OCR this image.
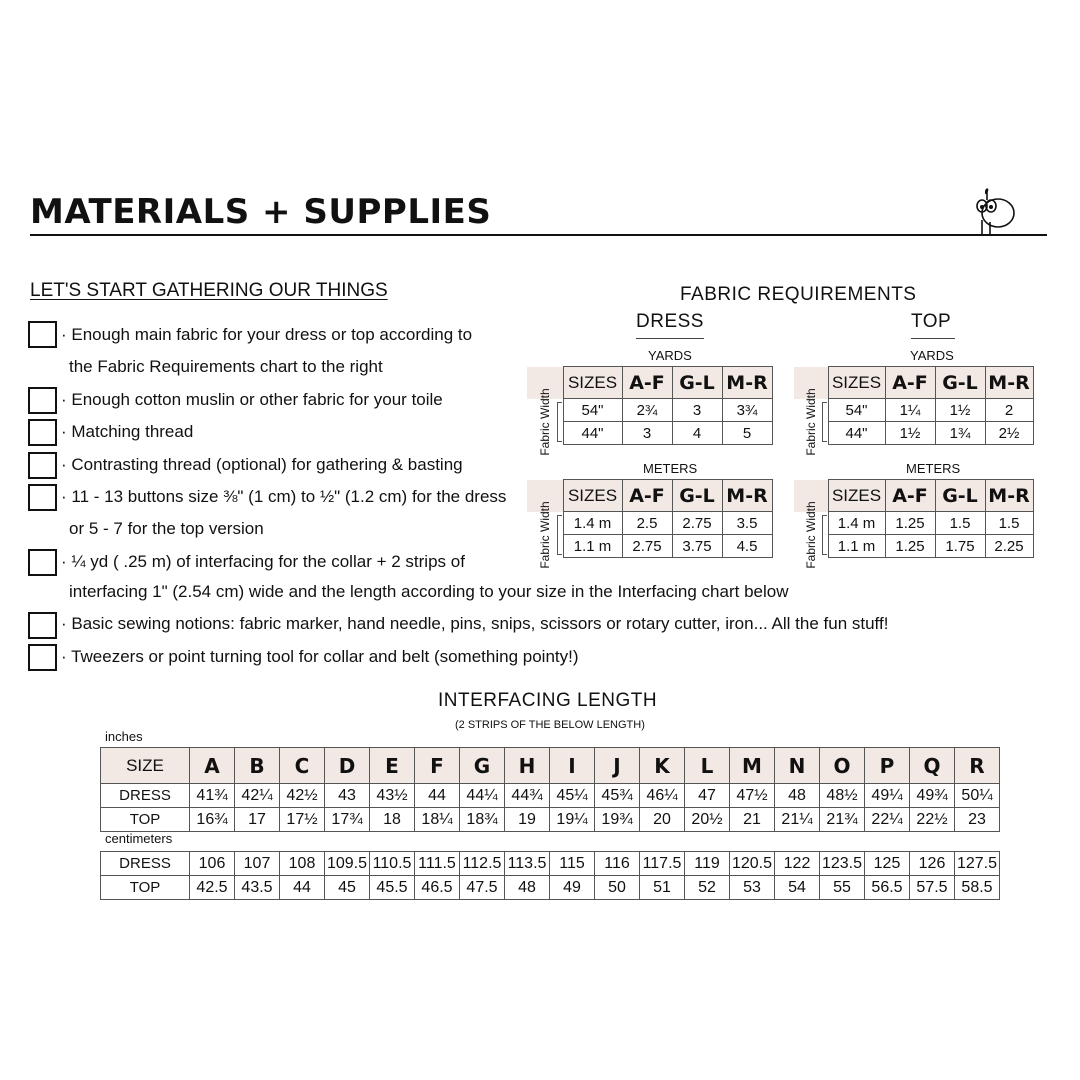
MATERIALS + SUPPLIES
LET'S START GATHERING OUR THINGS
· Enough main fabric for your dress or top according to
the Fabric Requirements chart to the right
· Enough cotton muslin or other fabric for your toile
· Matching thread
· Contrasting thread (optional) for gathering & basting
· 11 - 13 buttons size ⅜" (1 cm) to ½" (1.2 cm) for the dress
or 5 - 7 for the top version
· ¼ yd ( .25 m) of interfacing for the collar + 2 strips of
interfacing 1" (2.54 cm) wide and the length according to your size in the Interfacing chart below
· Basic sewing notions: fabric marker, hand needle, pins, snips, scissors or rotary cutter, iron... All the fun stuff!
· Tweezers or point turning tool for collar and belt (something pointy!)
FABRIC REQUIREMENTS
DRESS	TOP
YARDS	YARDS
METERS	METERS
	SIZES	A-F	G-L	M-R

Fabric Width	54"	2¾	3	3¾
	44"	3	4	5
	SIZES	A-F	G-L	M-R

Fabric Width	54"	1¼	1½	2
	44"	1½	1¾	2½
	SIZES	A-F	G-L	M-R

Fabric Width	1.4 m	2.5	2.75	3.5
	1.1 m	2.75	3.75	4.5
	SIZES	A-F	G-L	M-R

Fabric Width	1.4 m	1.25	1.5	1.5
	1.1 m	1.25	1.75	2.25
INTERFACING LENGTH
(2 STRIPS OF THE BELOW LENGTH)
inches
SIZE	A	B	C	D	E	F	G	H	I	J	K	L	M	N	O	P	Q	R
DRESS	41¾	42¼	42½	43	43½	44	44¼	44¾	45¼	45¾	46¼	47	47½	48	48½	49¼	49¾	50¼
TOP	16¾	17	17½	17¾	18	18¼	18¾	19	19¼	19¾	20	20½	21	21¼	21¾	22¼	22½	23
centimeters
DRESS	106	107	108	109.5	110.5	111.5	112.5	113.5	115	116	117.5	119	120.5	122	123.5	125	126	127.5
TOP	42.5	43.5	44	45	45.5	46.5	47.5	48	49	50	51	52	53	54	55	56.5	57.5	58.5
